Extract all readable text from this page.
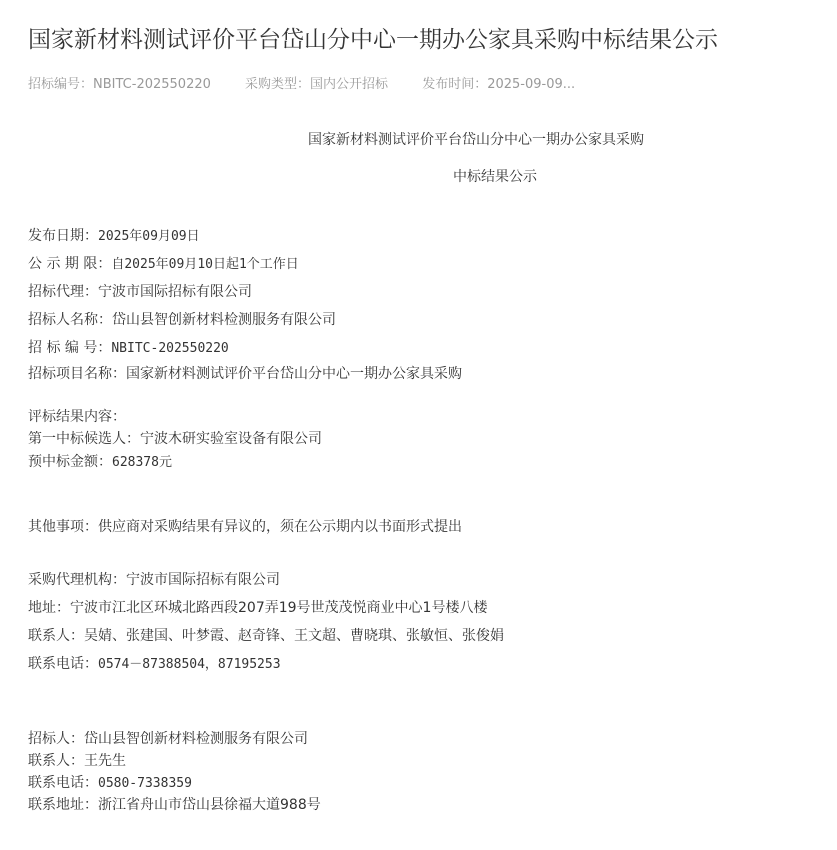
国家新材料测试评价平台岱山分中心一期办公家具采购中标结果公示
招标编号：NBITC-202550220	采购类型：国内公开招标	发布时间：2025-09-09...
国家新材料测试评价平台岱山分中心一期办公家具采购
中标结果公示
发布日期：2025年09月09日
公 示 期 限：自2025年09月10日起1个工作日
招标代理：宁波市国际招标有限公司
招标人名称：岱山县智创新材料检测服务有限公司
招 标 编 号：NBITC-202550220
招标项目名称：国家新材料测试评价平台岱山分中心一期办公家具采购
评标结果内容：
第一中标候选人：宁波木研实验室设备有限公司
预中标金额：628378元
其他事项：供应商对采购结果有异议的，须在公示期内以书面形式提出
采购代理机构：宁波市国际招标有限公司
地址：宁波市江北区环城北路西段207弄19号世茂茂悦商业中心1号楼八楼
联系人：吴婧、张建国、叶梦霞、赵奇锋、王文超、曹晓琪、张敏恒、张俊娟
联系电话：0574－87388504，87195253
招标人：岱山县智创新材料检测服务有限公司
联系人：王先生
联系电话：0580-7338359
联系地址：浙江省舟山市岱山县徐福大道988号
